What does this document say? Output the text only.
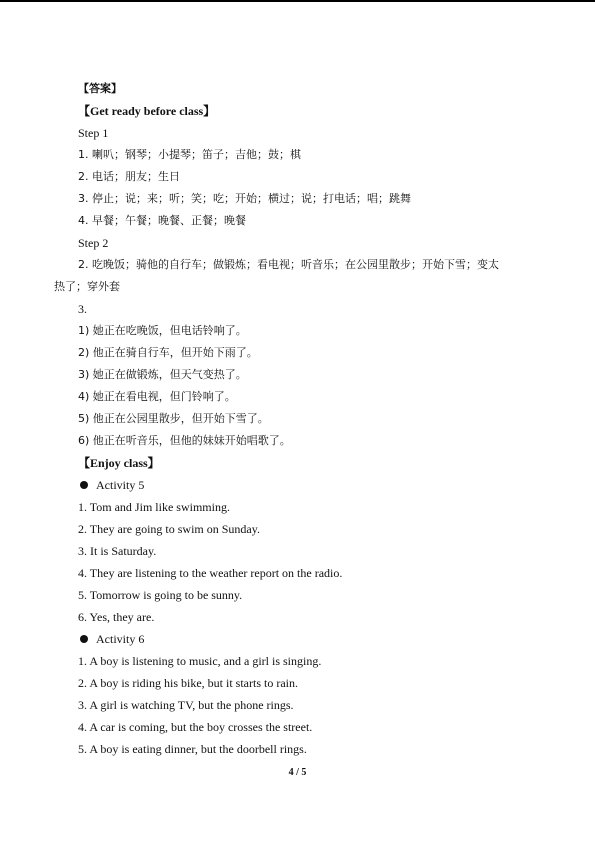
【答案】
【Get ready before class】
Step 1
1. 喇叭；钢琴；小提琴；笛子；吉他；鼓；棋
2. 电话；朋友；生日
3. 停止；说；来；听；笑；吃；开始；横过；说；打电话；唱；跳舞
4. 早餐；午餐；晚餐、正餐；晚餐
Step 2
2. 吃晚饭；骑他的自行车；做锻炼；看电视；听音乐；在公园里散步；开始下雪；变太
热了；穿外套
3.
1) 她正在吃晚饭，但电话铃响了。
2) 他正在骑自行车，但开始下雨了。
3) 她正在做锻炼，但天气变热了。
4) 她正在看电视，但门铃响了。
5) 他正在公园里散步，但开始下雪了。
6) 他正在听音乐，但他的妹妹开始唱歌了。
【Enjoy class】
Activity 5
1. Tom and Jim like swimming.
2. They are going to swim on Sunday.
3. It is Saturday.
4. They are listening to the weather report on the radio.
5. Tomorrow is going to be sunny.
6. Yes, they are.
Activity 6
1. A boy is listening to music, and a girl is singing.
2. A boy is riding his bike, but it starts to rain.
3. A girl is watching TV, but the phone rings.
4. A car is coming, but the boy crosses the street.
5. A boy is eating dinner, but the doorbell rings.
4 / 5
